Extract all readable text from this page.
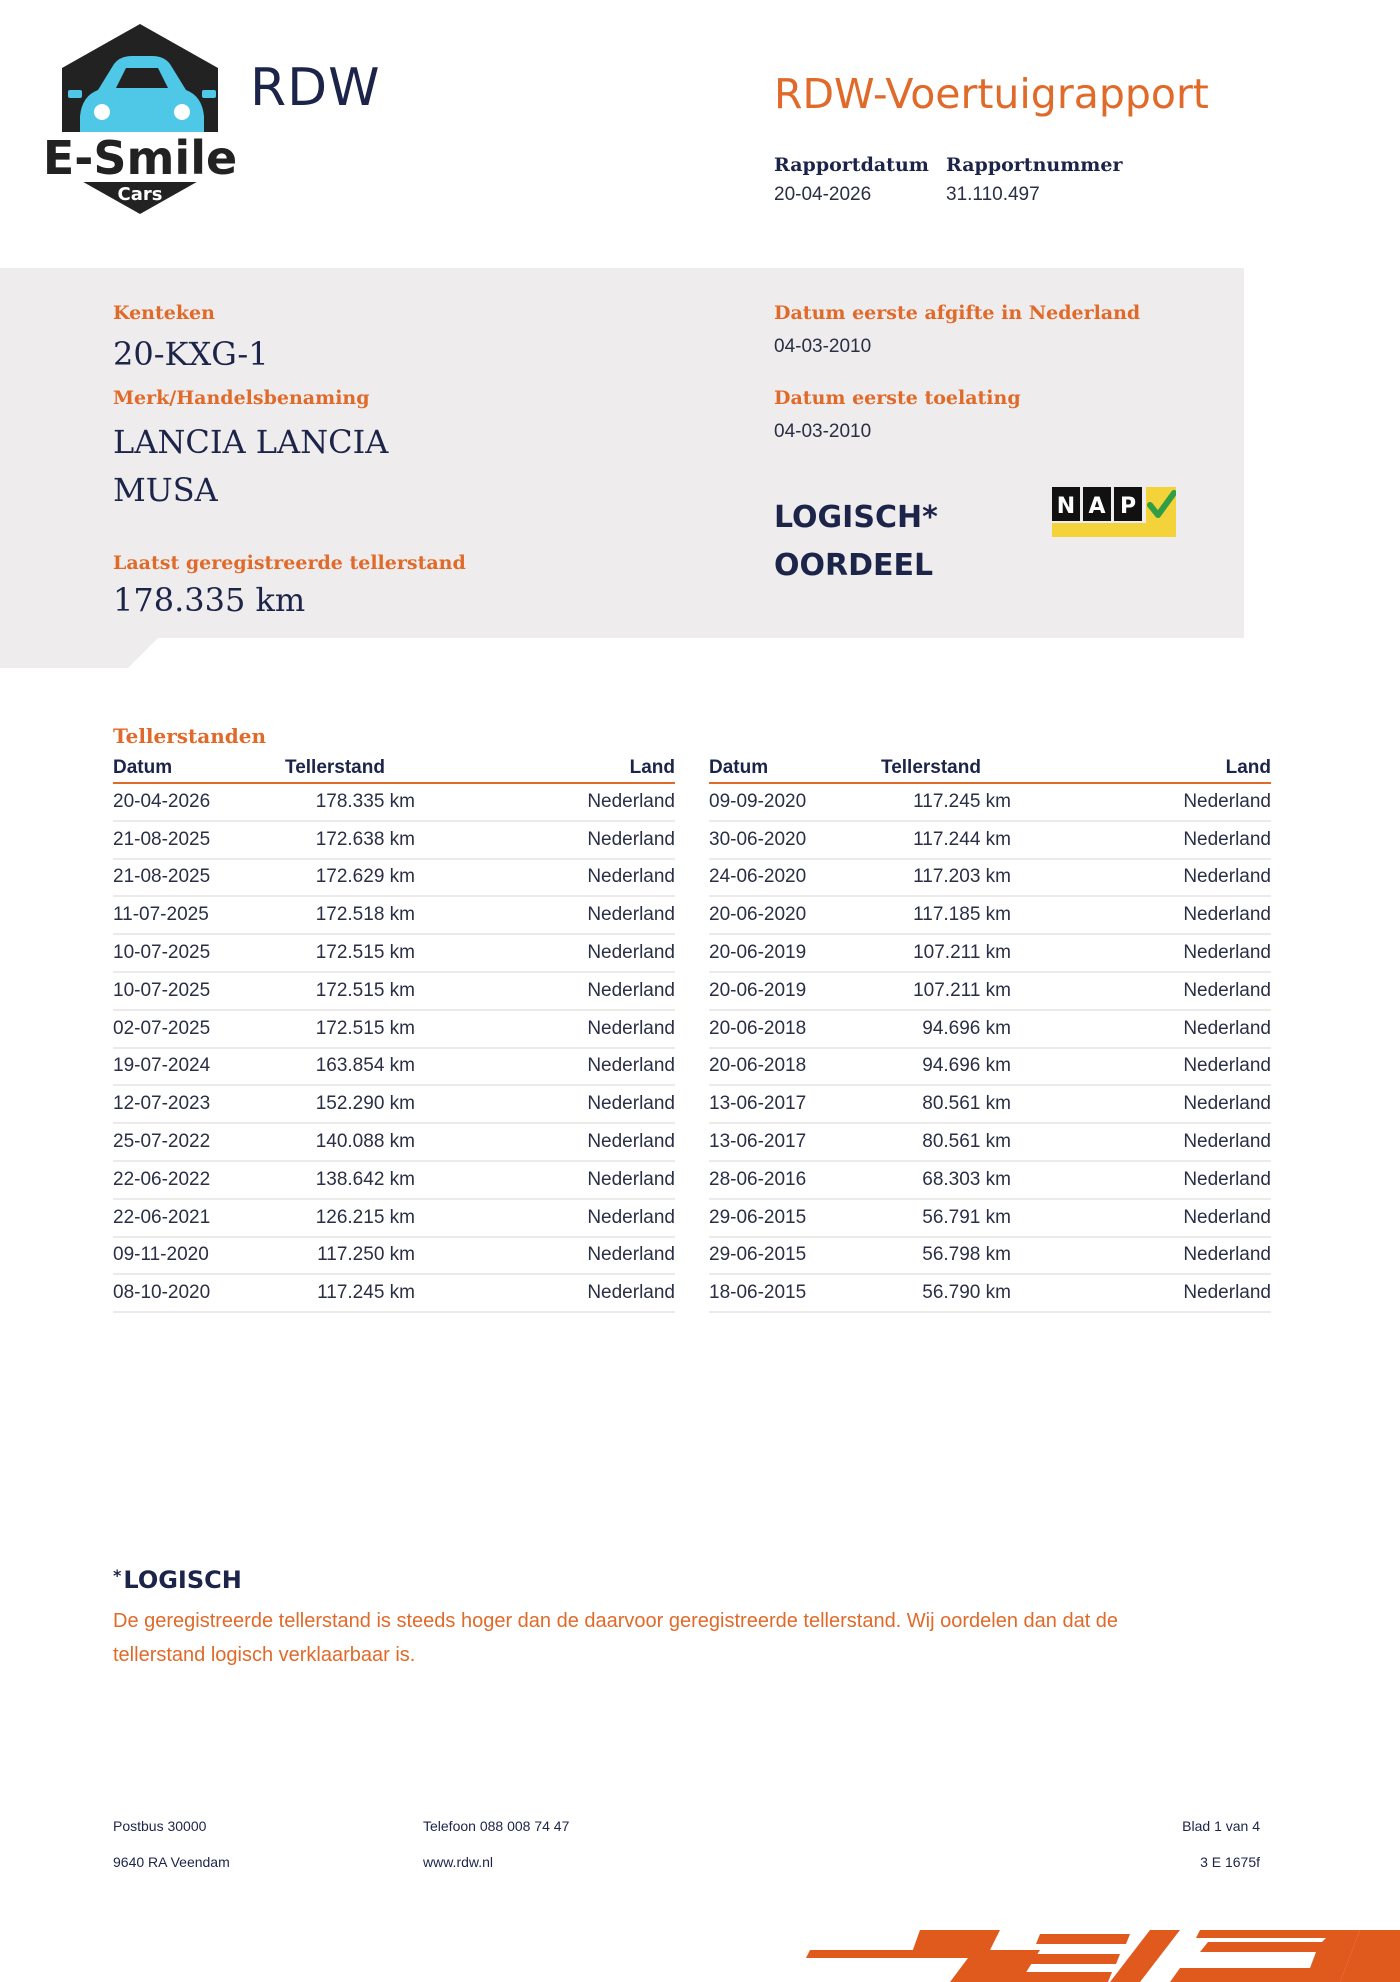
E-Smile
Cars
RDW	RDW-Voertuigrapport
Rapportdatum
20-04-2026
Rapportnummer
31.110.497
Kenteken
20-KXG-1
Merk/Handelsbenaming
LANCIA LANCIA
MUSA
Laatst geregistreerde tellerstand
178.335 km
Datum eerste afgifte in Nederland
04-03-2010
Datum eerste toelating
04-03-2010
LOGISCH*
OORDEEL
N A P
Tellerstanden
Datum	Tellerstand	Land
20-04-2026	178.335 km	Nederland
21-08-2025	172.638 km	Nederland
21-08-2025	172.629 km	Nederland
11-07-2025	172.518 km	Nederland
10-07-2025	172.515 km	Nederland
10-07-2025	172.515 km	Nederland
02-07-2025	172.515 km	Nederland
19-07-2024	163.854 km	Nederland
12-07-2023	152.290 km	Nederland
25-07-2022	140.088 km	Nederland
22-06-2022	138.642 km	Nederland
22-06-2021	126.215 km	Nederland
09-11-2020	117.250 km	Nederland
08-10-2020	117.245 km	Nederland
Datum	Tellerstand	Land
09-09-2020	117.245 km	Nederland
30-06-2020	117.244 km	Nederland
24-06-2020	117.203 km	Nederland
20-06-2020	117.185 km	Nederland
20-06-2019	107.211 km	Nederland
20-06-2019	107.211 km	Nederland
20-06-2018	94.696 km	Nederland
20-06-2018	94.696 km	Nederland
13-06-2017	80.561 km	Nederland
13-06-2017	80.561 km	Nederland
28-06-2016	68.303 km	Nederland
29-06-2015	56.791 km	Nederland
29-06-2015	56.798 km	Nederland
18-06-2015	56.790 km	Nederland
*LOGISCH
De geregistreerde tellerstand is steeds hoger dan de daarvoor geregistreerde tellerstand. Wij oordelen dan dat de tellerstand logisch verklaarbaar is.
Postbus 30000
9640 RA Veendam
Telefoon 088 008 74 47
www.rdw.nl
Blad 1 van 4
3 E 1675f
